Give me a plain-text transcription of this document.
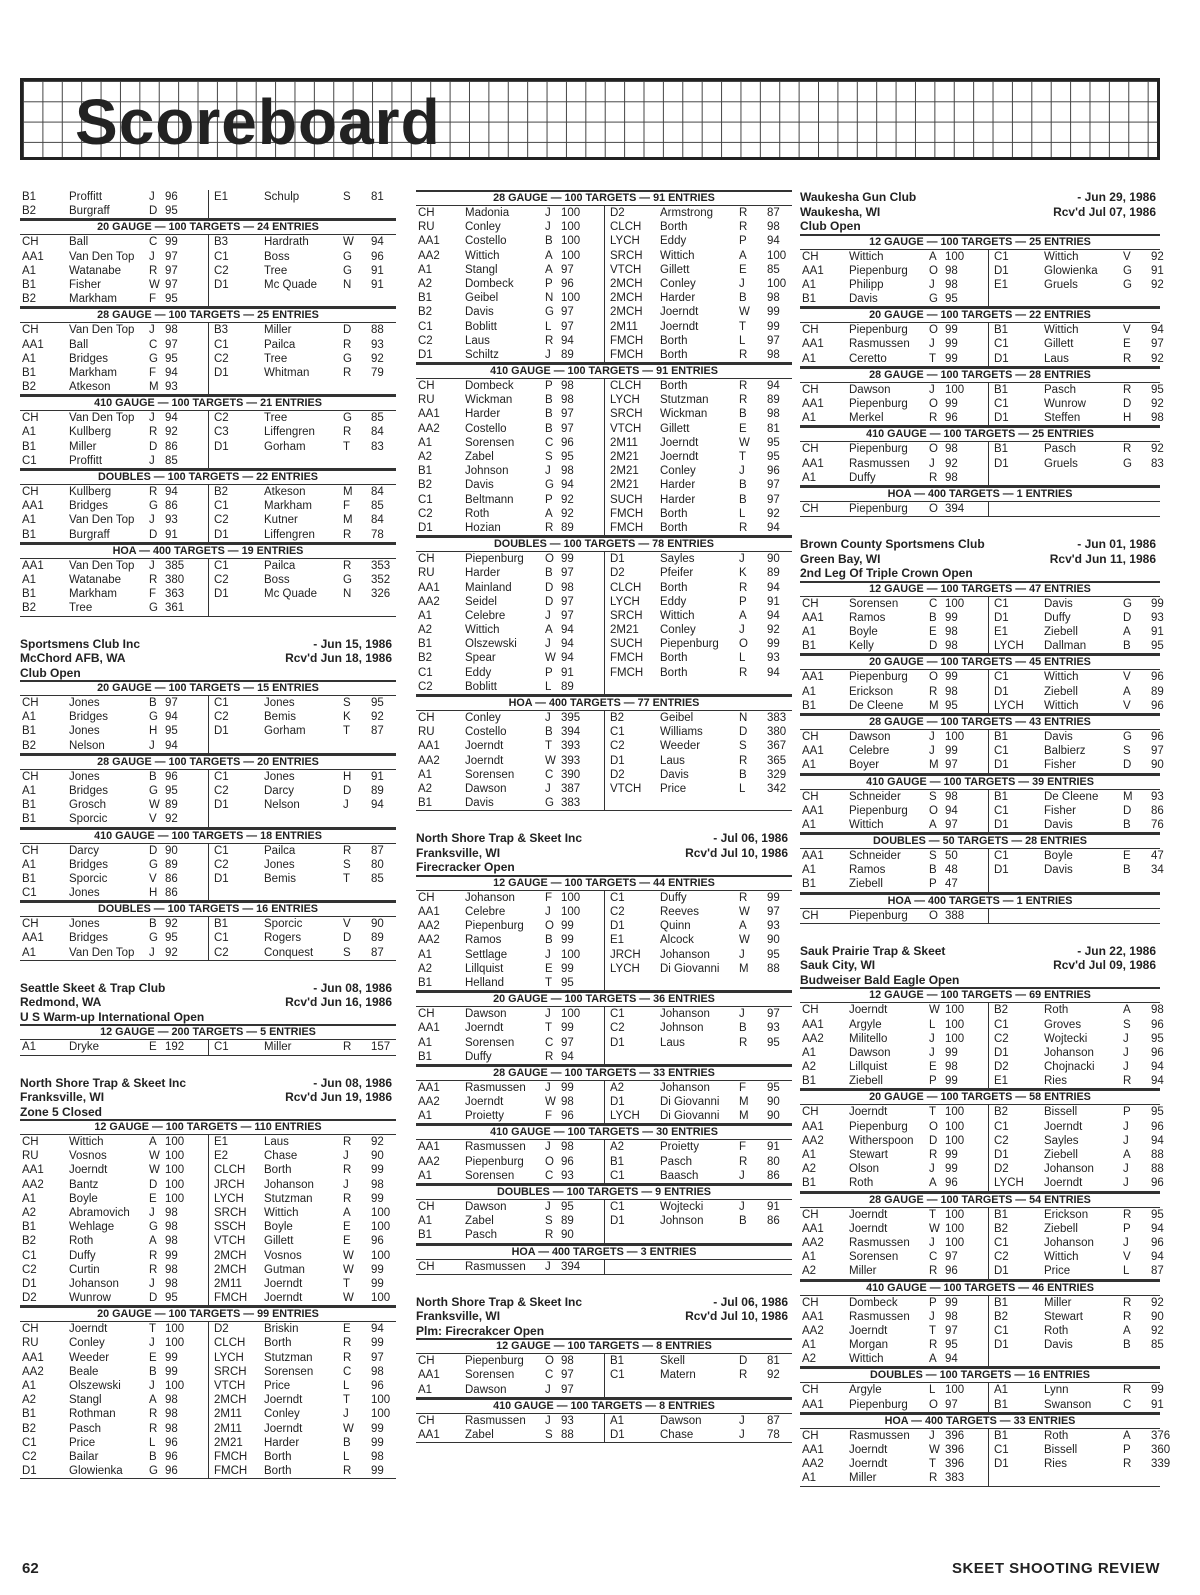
Scoreboard
B1	Proffitt	J 96	E1	Schulp	S 81
B2	Burgraff	D 95
20 GAUGE — 100 TARGETS — 24 ENTRIES
CH	Ball	C 99	B3	Hardrath	W 94
AA1 Van Den Top J 97	C1	Boss	G 96
A1	Watanabe R 97	C2	Tree	G 91
B1	Fisher	W 97	D1	Mc Quade N 91
B2	Markham	F 95
28 GAUGE — 100 TARGETS — 25 ENTRIES
CH	Van Den Top J 98	B3	Miller	D 88
AA1 Ball	C 97	C1	Pailca	R 93
A1	Bridges	G 95	C2	Tree	G 92
B1	Markham	F 94	D1	Whitman	R 79
B2	Atkeson	M 93
410 GAUGE — 100 TARGETS — 21 ENTRIES
CH	Van Den Top J 94	C2	Tree	G 85
A1	Kullberg	R 92	C3	Liffengren R 84
B1	Miller	D 86	D1	Gorham	T 83
C1	Proffitt	J 85
DOUBLES — 100 TARGETS — 22 ENTRIES
CH	Kullberg	R 94	B2	Atkeson	M 84
AA1 Bridges	G 86	C1	Markham	F 85
A1	Van Den Top J 93	C2	Kutner	M 84
B1	Burgraff	D 91	D1	Liffengren R 78
HOA — 400 TARGETS — 19 ENTRIES
AA1 Van Den Top J 385	C1	Pailca	R 353
A1	Watanabe R 380	C2	Boss	G 352
B1	Markham	F 363	D1	Mc Quade N 326
B2	Tree	G 361
Sportsmens Club Inc	- Jun 15, 1986
McChord AFB, WA	Rcv'd Jun 18, 1986
Club Open
20 GAUGE — 100 TARGETS — 15 ENTRIES
CH	Jones	B 97	C1	Jones	S 95
A1	Bridges	G 94	C2	Bemis	K 92
B1	Jones	H 95	D1	Gorham	T 87
B2	Nelson	J 94
28 GAUGE — 100 TARGETS — 20 ENTRIES
CH	Jones	B 96	C1	Jones	H 91
A1	Bridges	G 95	C2	Darcy	D 89
B1	Grosch	W 89	D1	Nelson	J 94
B1	Sporcic	V 92
410 GAUGE — 100 TARGETS — 18 ENTRIES
CH	Darcy	D 90	C1	Pailca	R 87
A1	Bridges	G 89	C2	Jones	S 80
B1	Sporcic	V 86	D1	Bemis	T 85
C1	Jones	H 86
DOUBLES — 100 TARGETS — 16 ENTRIES
CH	Jones	B 92	B1	Sporcic	V 90
AA1 Bridges	G 95	C1	Rogers	D 89
A1	Van Den Top J 92	C2	Conquest	S 87
Seattle Skeet & Trap Club	- Jun 08, 1986
Redmond, WA	Rcv'd Jun 16, 1986
U S Warm-up International Open
12 GAUGE — 200 TARGETS — 5 ENTRIES
A1	Dryke	E 192	C1	Miller	R 157
North Shore Trap & Skeet Inc	- Jun 08, 1986
Franksville, WI	Rcv'd Jun 19, 1986
Zone 5 Closed
12 GAUGE — 100 TARGETS — 110 ENTRIES
CH	Wittich	A 100	E1	Laus	R 92
RU	Vosnos	W 100	E2	Chase	J 90
AA1 Joerndt	W 100	CLCH Borth	R 99
AA2 Bantz	D 100	JRCH Johanson	J 98
A1	Boyle	E 100	LYCH Stutzman	R 99
A2	Abramovich J 98	SRCH Wittich	A 100
B1	Wehlage	G 98	SSCH Boyle	E 100
B2	Roth	A 98	VTCH Gillett	E 96
C1	Duffy	R 99	2MCH Vosnos	W 100
C2	Curtin	R 98	2MCH Gutman	W 99
D1	Johanson	J 98	2M11 Joerndt	T 99
D2	Wunrow	D 95	FMCH Joerndt	W 100
20 GAUGE — 100 TARGETS — 99 ENTRIES
CH	Joerndt	T 100	D2	Briskin	E 94
RU	Conley	J 100	CLCH Borth	R 99
AA1 Weeder	E 99	LYCH Stutzman	R 97
AA2 Beale	B 99	SRCH Sorensen	C 98
A1	Olszewski J 100	VTCH Price	L 96
A2	Stangl	A 98	2MCH Joerndt	T 100
B1	Rothman	R 98	2M11 Conley	J 100
B2	Pasch	R 98	2M11 Joerndt	W 99
C1	Price	L 96	2M21 Harder	B 99
C2	Bailar	B 96	FMCH Borth	L 98
D1	Glowienka G 96	FMCH Borth	R 99
28 GAUGE — 100 TARGETS — 91 ENTRIES
CH	Madonia	J 100	D2	Armstrong R 87
RU	Conley	J 100	CLCH Borth	R 98
AA1 Costello	B 100	LYCH Eddy	P 94
AA2 Wittich	A 100	SRCH Wittich	A 100
A1	Stangl	A 97	VTCH Gillett	E 85
A2	Dombeck	P 96	2MCH Conley	J 100
B1	Geibel	N 100	2MCH Harder	B 98
B2	Davis	G 97	2MCH Joerndt	W 99
C1	Boblitt	L 97	2M11 Joerndt	T 99
C2	Laus	R 94	FMCH Borth	L 97
D1	Schiltz	J 89	FMCH Borth	R 98
410 GAUGE — 100 TARGETS — 91 ENTRIES
CH	Dombeck	P 98	CLCH Borth	R 94
RU	Wickman	B 98	LYCH Stutzman	R 89
AA1 Harder	B 97	SRCH Wickman	B 98
AA2 Costello	B 97	VTCH Gillett	E 81
A1	Sorensen	C 96	2M11 Joerndt	W 95
A2	Zabel	S 95	2M21 Joerndt	T 95
B1	Johnson	J 98	2M21 Conley	J 96
B2	Davis	G 94	2M21 Harder	B 97
C1	Beltmann	P 92	SUCH Harder	B 97
C2	Roth	A 92	FMCH Borth	L 92
D1	Hozian	R 89	FMCH Borth	R 94
DOUBLES — 100 TARGETS — 78 ENTRIES
CH	Piepenburg O 99	D1	Sayles	J 90
RU	Harder	B 97	D2	Pfeifer	K 89
AA1 Mainland	D 98	CLCH Borth	R 94
AA2 Seidel	D 97	LYCH Eddy	P 91
A1	Celebre	J 97	SRCH Wittich	A 94
A2	Wittich	A 94	2M21 Conley	J 92
B1	Olszewski J 94	SUCH Piepenburg O 99
B2	Spear	W 94	FMCH Borth	L 93
C1	Eddy	P 91	FMCH Borth	R 94
C2	Boblitt	L 89
HOA — 400 TARGETS — 77 ENTRIES
CH	Conley	J 395	B2	Geibel	N 383
RU	Costello	B 394	C1	Williams	D 380
AA1 Joerndt	T 393	C2	Weeder	S 367
AA2 Joerndt	W 393	D1	Laus	R 365
A1	Sorensen	C 390	D2	Davis	B 329
A2	Dawson	J 387	VTCH Price	L 342
B1	Davis	G 383
North Shore Trap & Skeet Inc	- Jul 06, 1986
Franksville, WI	Rcv'd Jul 10, 1986
Firecracker Open
12 GAUGE — 100 TARGETS — 44 ENTRIES
CH	Johanson	F 100	C1	Duffy	R 99
AA1 Celebre	J 100	C2	Reeves	W 97
AA2 Piepenburg O 99	D1	Quinn	A 93
AA2 Ramos	B 99	E1	Alcock	W 90
A1	Settlage	J 100	JRCH Johanson	J 95
A2	Lillquist	E 99	LYCH Di Giovanni M 88
B1	Helland	T 95
20 GAUGE — 100 TARGETS — 36 ENTRIES
CH	Dawson	J 100	C1	Johanson	J 97
AA1 Joerndt	T 99	C2	Johnson	B 93
A1	Sorensen	C 97	D1	Laus	R 95
B1	Duffy	R 94
28 GAUGE — 100 TARGETS — 33 ENTRIES
AA1 Rasmussen J 99	A2	Johanson	F 95
AA2 Joerndt	W 98	D1	Di Giovanni M 90
A1	Proietty	F 96	LYCH Di Giovanni M 90
410 GAUGE — 100 TARGETS — 30 ENTRIES
AA1 Rasmussen J 98	A2	Proietty	F 91
AA2 Piepenburg O 96	B1	Pasch	R 80
A1	Sorensen	C 93	C1	Baasch	J 86
DOUBLES — 100 TARGETS — 9 ENTRIES
CH	Dawson	J 95	C1	Wojtecki	J 91
A1	Zabel	S 89	D1	Johnson	B 86
B1	Pasch	R 90
HOA — 400 TARGETS — 3 ENTRIES
CH	Rasmussen J 394
North Shore Trap & Skeet Inc	- Jul 06, 1986
Franksville, WI	Rcv'd Jul 10, 1986
Plm: Firecrakcer Open
12 GAUGE — 100 TARGETS — 8 ENTRIES
CH	Piepenburg O 98	B1	Skell	D 81
AA1 Sorensen	C 97	C1	Matern	R 92
A1	Dawson	J 97
410 GAUGE — 100 TARGETS — 8 ENTRIES
CH	Rasmussen J 93	A1	Dawson	J 87
AA1 Zabel	S 88	D1	Chase	J 78
Waukesha Gun Club	- Jun 29, 1986
Waukesha, WI	Rcv'd Jul 07, 1986
Club Open
12 GAUGE — 100 TARGETS — 25 ENTRIES
CH	Wittich	A 100	C1	Wittich	V 92
AA1 Piepenburg O 98	D1	Glowienka G 91
A1	Philipp	J 98	E1	Gruels	G 92
B1	Davis	G 95
20 GAUGE — 100 TARGETS — 22 ENTRIES
CH	Piepenburg O 99	B1	Wittich	V 94
AA1 Rasmussen J 99	C1	Gillett	E 97
A1	Ceretto	T 99	D1	Laus	R 92
28 GAUGE — 100 TARGETS — 28 ENTRIES
CH	Dawson	J 100	B1	Pasch	R 95
AA1 Piepenburg O 99	C1	Wunrow	D 92
A1	Merkel	R 96	D1	Steffen	H 98
410 GAUGE — 100 TARGETS — 25 ENTRIES
CH	Piepenburg O 98	B1	Pasch	R 92
AA1 Rasmussen J 92	D1	Gruels	G 83
A1	Duffy	R 98
HOA — 400 TARGETS — 1 ENTRIES
CH	Piepenburg O 394
Brown County Sportsmens Club	- Jun 01, 1986
Green Bay, WI	Rcv'd Jun 11, 1986
2nd Leg Of Triple Crown Open
12 GAUGE — 100 TARGETS — 47 ENTRIES
CH	Sorensen	C 100	C1	Davis	G 99
AA1 Ramos	B 99	D1	Duffy	D 93
A1	Boyle	E 98	E1	Ziebell	A 91
B1	Kelly	D 98	LYCH Dallman	B 95
20 GAUGE — 100 TARGETS — 45 ENTRIES
AA1 Piepenburg O 99	C1	Wittich	V 96
A1	Erickson	R 98	D1	Ziebell	A 89
B1	De Cleene M 95	LYCH Wittich	V 96
28 GAUGE — 100 TARGETS — 43 ENTRIES
CH	Dawson	J 100	B1	Davis	G 96
AA1 Celebre	J 99	C1	Balbierz	S 97
A1	Boyer	M 97	D1	Fisher	D 90
410 GAUGE — 100 TARGETS — 39 ENTRIES
CH	Schneider S 98	B1	De Cleene M 93
AA1 Piepenburg O 94	C1	Fisher	D 86
A1	Wittich	A 97	D1	Davis	B 76
DOUBLES — 50 TARGETS — 28 ENTRIES
AA1 Schneider S 50	C1	Boyle	E 47
A1	Ramos	B 48	D1	Davis	B 34
B1	Ziebell	P 47
HOA — 400 TARGETS — 1 ENTRIES
CH	Piepenburg O 388
Sauk Prairie Trap & Skeet	- Jun 22, 1986
Sauk City, WI	Rcv'd Jul 09, 1986
Budweiser Bald Eagle Open
12 GAUGE — 100 TARGETS — 69 ENTRIES
CH	Joerndt	W 100	B2	Roth	A 98
AA1 Argyle	L 100	C1	Groves	S 96
AA2 Militello	J 100	C2	Wojtecki	J 95
A1	Dawson	J 99	D1	Johanson	J 96
A2	Lillquist	E 98	D2	Chojnacki J 94
B1	Ziebell	P 99	E1	Ries	R 94
20 GAUGE — 100 TARGETS — 58 ENTRIES
CH	Joerndt	T 100	B2	Bissell	P 95
AA1 Piepenburg O 100	C1	Joerndt	J 96
AA2 Witherspoon D 100	C2	Sayles	J 94
A1	Stewart	R 99	D1	Ziebell	A 88
A2	Olson	J 99	D2	Johanson	J 88
B1	Roth	A 96	LYCH Joerndt	J 96
28 GAUGE — 100 TARGETS — 54 ENTRIES
CH	Joerndt	T 100	B1	Erickson	R 95
AA1 Joerndt	W 100	B2	Ziebell	P 94
AA2 Rasmussen J 100	C1	Johanson	J 96
A1	Sorensen	C 97	C2	Wittich	V 94
A2	Miller	R 96	D1	Price	L 87
410 GAUGE — 100 TARGETS — 46 ENTRIES
CH	Dombeck	P 99	B1	Miller	R 92
AA1 Rasmussen J 98	B2	Stewart	R 90
AA2 Joerndt	T 97	C1	Roth	A 92
A1	Morgan	R 95	D1	Davis	B 85
A2	Wittich	A 94
DOUBLES — 100 TARGETS — 16 ENTRIES
CH	Argyle	L 100	A1	Lynn	R 99
AA1 Piepenburg O 97	B1	Swanson	C 91
HOA — 400 TARGETS — 33 ENTRIES
CH	Rasmussen J 396	B1	Roth	A 376
AA1 Joerndt	W 396	C1	Bissell	P 360
AA2 Joerndt	T 396	D1	Ries	R 339
A1	Miller	R 383
62	SKEET SHOOTING REVIEW
